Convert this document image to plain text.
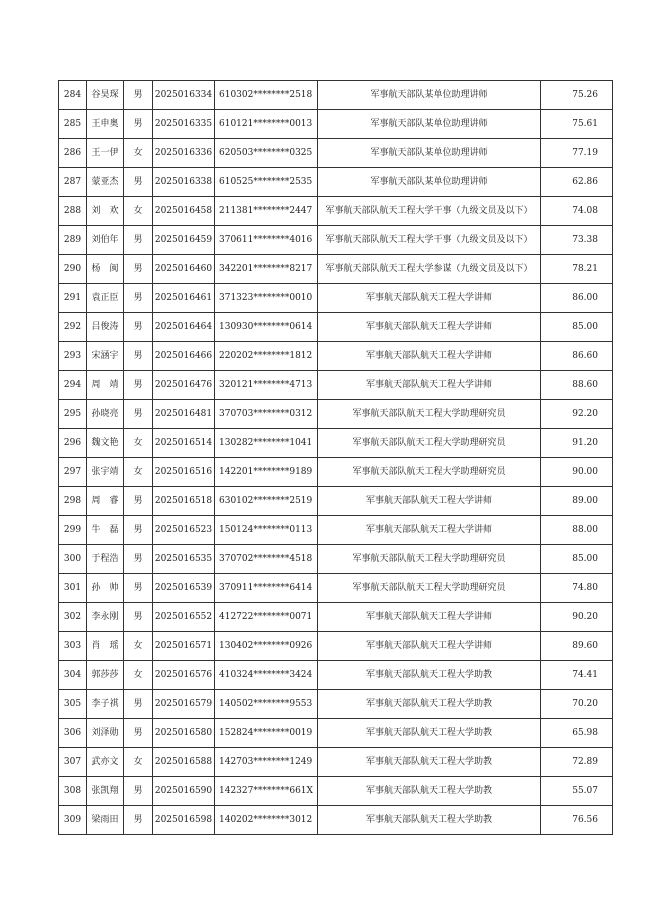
284	谷昊琛	男	2025016334	610302********2518	军事航天部队某单位助理讲师	75.26
285	王申奥	男	2025016335	610121********0013	军事航天部队某单位助理讲师	75.61
286	王一伊	女	2025016336	620503********0325	军事航天部队某单位助理讲师	77.19
287	蒙亚杰	男	2025016338	610525********2535	军事航天部队某单位助理讲师	62.86
288	刘　欢	女	2025016458	211381********2447	军事航天部队航天工程大学干事（九级文员及以下）	74.08
289	刘伯年	男	2025016459	370611********4016	军事航天部队航天工程大学干事（九级文员及以下）	73.38
290	杨　闽	男	2025016460	342201********8217	军事航天部队航天工程大学参谋（九级文员及以下）	78.21
291	袁正臣	男	2025016461	371323********0010	军事航天部队航天工程大学讲师	86.00
292	吕俊涛	男	2025016464	130930********0614	军事航天部队航天工程大学讲师	85.00
293	宋涵宇	男	2025016466	220202********1812	军事航天部队航天工程大学讲师	86.60
294	周　靖	男	2025016476	320121********4713	军事航天部队航天工程大学讲师	88.60
295	孙晓亮	男	2025016481	370703********0312	军事航天部队航天工程大学助理研究员	92.20
296	魏文艳	女	2025016514	130282********1041	军事航天部队航天工程大学助理研究员	91.20
297	张宇靖	女	2025016516	142201********9189	军事航天部队航天工程大学助理研究员	90.00
298	周　睿	男	2025016518	630102********2519	军事航天部队航天工程大学讲师	89.00
299	牛　磊	男	2025016523	150124********0113	军事航天部队航天工程大学讲师	88.00
300	于程浩	男	2025016535	370702********4518	军事航天部队航天工程大学助理研究员	85.00
301	孙　帅	男	2025016539	370911********6414	军事航天部队航天工程大学助理研究员	74.80
302	李永刚	男	2025016552	412722********0071	军事航天部队航天工程大学讲师	90.20
303	肖　瑶	女	2025016571	130402********0926	军事航天部队航天工程大学讲师	89.60
304	郭莎莎	女	2025016576	410324********3424	军事航天部队航天工程大学助教	74.41
305	李子祺	男	2025016579	140502********9553	军事航天部队航天工程大学助教	70.20
306	刘泽勋	男	2025016580	152824********0019	军事航天部队航天工程大学助教	65.98
307	武亦文	女	2025016588	142703********1249	军事航天部队航天工程大学助教	72.89
308	张凯翔	男	2025016590	142327********661X	军事航天部队航天工程大学助教	55.07
309	梁雨田	男	2025016598	140202********3012	军事航天部队航天工程大学助教	76.56
